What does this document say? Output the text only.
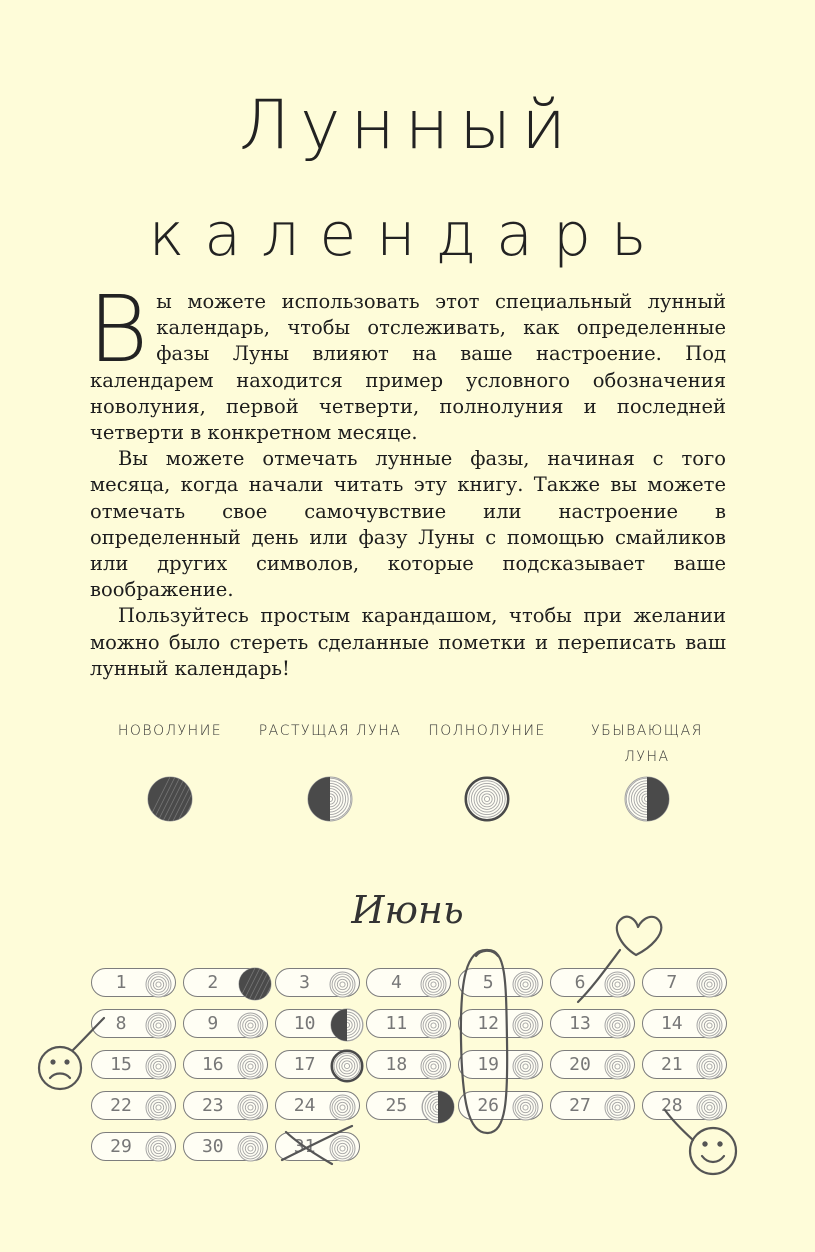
Лунный
календарь

В ы можете использовать этот специальный лунный календарь, чтобы отслеживать, как определенные фазы Луны влияют на ваше настроение. Под календарем находится пример условного обозначения новолуния, первой четверти, полнолуния и последней четверти в конкретном месяце.

Вы можете отмечать лунные фазы, начиная с того месяца, когда начали читать эту книгу. Также вы можете отмечать свое самочувствие или настроение в определенный день или фазу Луны с помощью смайликов или других символов, которые подсказывает ваше воображение.

Пользуйтесь простым карандашом, чтобы при желании можно было стереть сделанные пометки и переписать ваш лунный календарь!

НОВОЛУНИЕ	РАСТУЩАЯ ЛУНА	ПОЛНОЛУНИЕ	УБЫВАЮЩАЯ ЛУНА
Июнь
1	2	3	4	5	6	7
8	9	10	11	12	13	14
15	16	17	18	19	20	21
22	23	24	25	26	27	28
29	30	31
